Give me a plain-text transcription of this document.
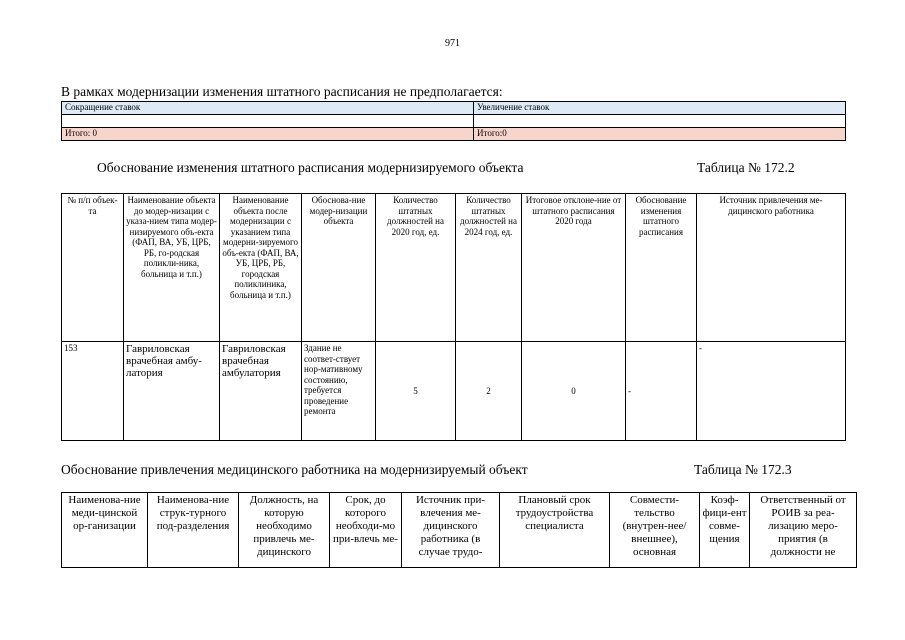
971
В рамках модернизации изменения штатного расписания не предполагается:
Сокращение ставок	Увеличение ставок

Итого: 0	Итого:0
Обоснование изменения штатного расписания модернизируемого объекта	Таблица № 172.2
№ п/п объек-та	Наименование объекта до модер-низации с указа-нием типа модер-низируемого объ-екта (ФАП, ВА, УБ, ЦРБ, РБ, го-родская поликли-ника, больница и т.п.)	Наименование объекта после модернизации с указанием типа модерни-зируемого объ-екта (ФАП, ВА, УБ, ЦРБ, РБ, городская поликлиника, больница и т.п.)	Обоснова-ние модер-низации объекта	Количество штатных должностей на 2020 год, ед.	Количество штатных должностей на 2024 год, ед.	Итоговое отклоне-ние от штатного расписания 2020 года	Обоснование изменения штатного расписания	Источник привлечения ме-дицинского работника
153	Гавриловская врачебная амбу-латория	Гавриловская врачебная амбулатория	Здание не соответ-ствует нор-мативному состоянию, требуется проведение ремонта	5	2	0	-	-
Обоснование привлечения медицинского работника на модернизируемый объект	Таблица № 172.3
Наименова-ние меди-цинской ор-ганизации	Наименова-ние струк-турного под-разделения	Должность, на которую необходимо привлечь ме-дицинского	Срок, до которого необходи-мо при-влечь ме-	Источник при-влечения ме-дицинского работника (в случае трудо-	Плановый срок трудоустройства специалиста	Совмести-тельство (внутрен-нее/внешнее), основная	Коэф-фици-ент совме-щения	Ответственный от РОИВ за реа-лизацию меро-приятия (в должности не
